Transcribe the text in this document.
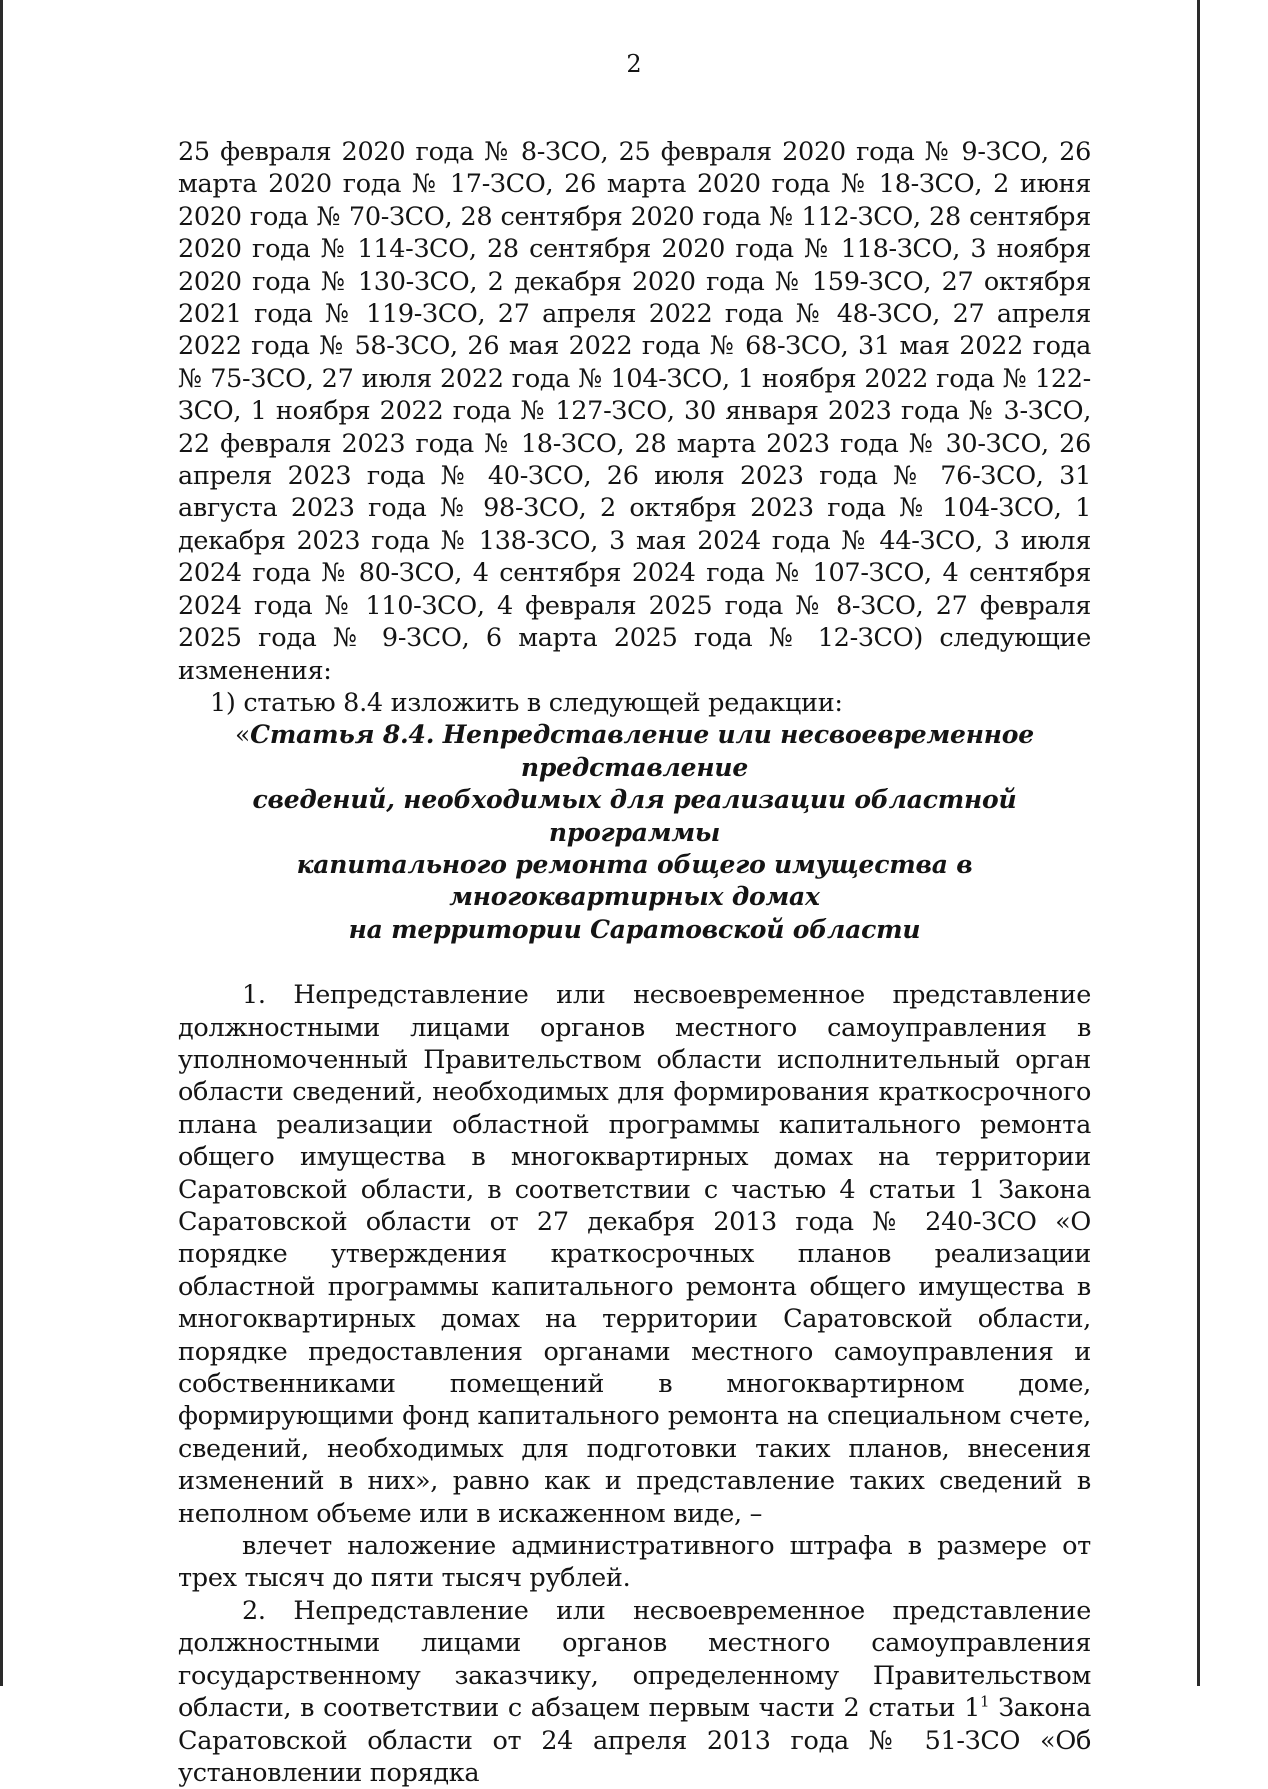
2

25 февраля 2020 года № 8-ЗСО, 25 февраля 2020 года № 9-ЗСО, 26 марта 2020 года № 17-ЗСО, 26 марта 2020 года № 18-ЗСО, 2 июня 2020 года № 70-ЗСО, 28 сентября 2020 года № 112-ЗСО, 28 сентября 2020 года № 114-ЗСО, 28 сентября 2020 года № 118-ЗСО, 3 ноября 2020 года № 130-ЗСО, 2 декабря 2020 года № 159-ЗСО, 27 октября 2021 года № 119-ЗСО, 27 апреля 2022 года № 48-ЗСО, 27 апреля 2022 года № 58-ЗСО, 26 мая 2022 года № 68-ЗСО, 31 мая 2022 года № 75-ЗСО, 27 июля 2022 года № 104-ЗСО, 1 ноября 2022 года № 122-ЗСО, 1 ноября 2022 года № 127-ЗСО, 30 января 2023 года № 3-ЗСО, 22 февраля 2023 года № 18-ЗСО, 28 марта 2023 года № 30-ЗСО, 26 апреля 2023 года № 40-ЗСО, 26 июля 2023 года № 76-ЗСО, 31 августа 2023 года № 98-ЗСО, 2 октября 2023 года № 104-ЗСО, 1 декабря 2023 года № 138-ЗСО, 3 мая 2024 года № 44-ЗСО, 3 июля 2024 года № 80-ЗСО, 4 сентября 2024 года № 107-ЗСО, 4 сентября 2024 года № 110-ЗСО, 4 февраля 2025 года № 8-ЗСО, 27 февраля 2025 года № 9-ЗСО, 6 марта 2025 года № 12-ЗСО) следующие изменения:

1) статью 8.4 изложить в следующей редакции:

«Статья 8.4. Непредставление или несвоевременное представление

сведений, необходимых для реализации областной программы

капитального ремонта общего имущества в многоквартирных домах

на территории Саратовской области

1. Непредставление или несвоевременное представление должностными лицами органов местного самоуправления в уполномоченный Правительством области исполнительный орган области сведений, необходимых для формирования краткосрочного плана реализации областной программы капитального ремонта общего имущества в многоквартирных домах на территории Саратовской области, в соответствии с частью 4 статьи 1 Закона Саратовской области от 27 декабря 2013 года № 240-ЗСО «О порядке утверждения краткосрочных планов реализации областной программы капитального ремонта общего имущества в многоквартирных домах на территории Саратовской области, порядке предоставления органами местного самоуправления и собственниками помещений в многоквартирном доме, формирующими фонд капитального ремонта на специальном счете, сведений, необходимых для подготовки таких планов, внесения изменений в них», равно как и представление таких сведений в неполном объеме или в искаженном виде, –

влечет наложение административного штрафа в размере от трех тысяч до пяти тысяч рублей.

2. Непредставление или несвоевременное представление должностными лицами органов местного самоуправления государственному заказчику, определенному Правительством области, в соответствии с абзацем первым части 2 статьи $1^1$ Закона Саратовской области от 24 апреля 2013 года № 51-ЗСО «Об установлении порядка
